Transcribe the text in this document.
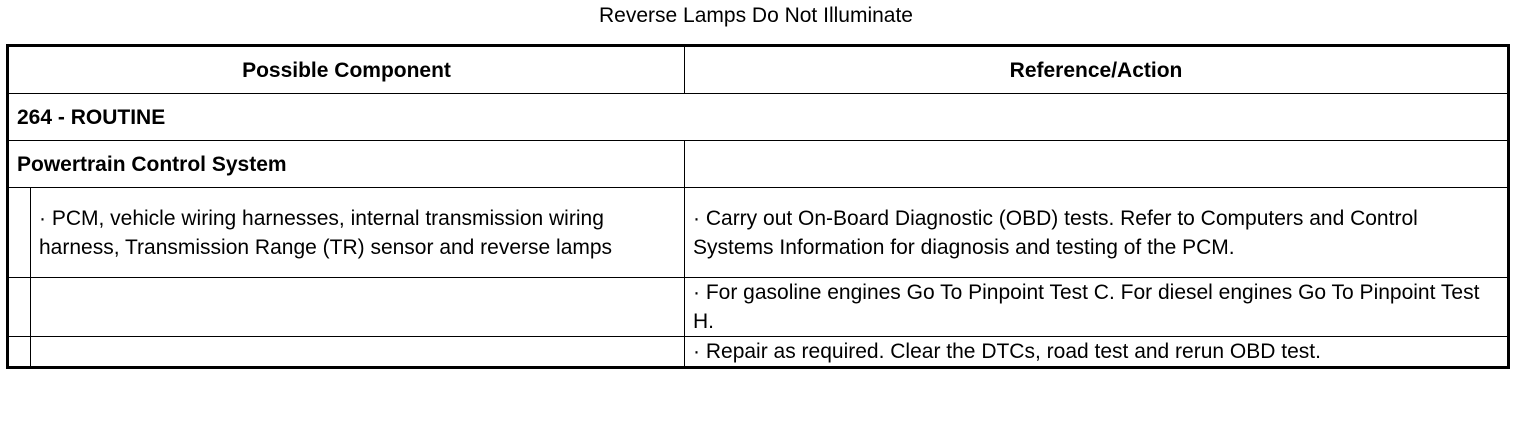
Reverse Lamps Do Not Illuminate
Possible Component		Reference/Action
264 - ROUTINE		
Powertrain Control System		
	· PCM, vehicle wiring harnesses, internal transmission wiring harness, Transmission Range (TR) sensor and reverse lamps	· Carry out On-Board Diagnostic (OBD) tests. Refer to Computers and Control Systems Information for diagnosis and testing of the PCM.
		· For gasoline engines Go To Pinpoint Test C. For diesel engines Go To Pinpoint Test H.
		· Repair as required. Clear the DTCs, road test and rerun OBD test.
